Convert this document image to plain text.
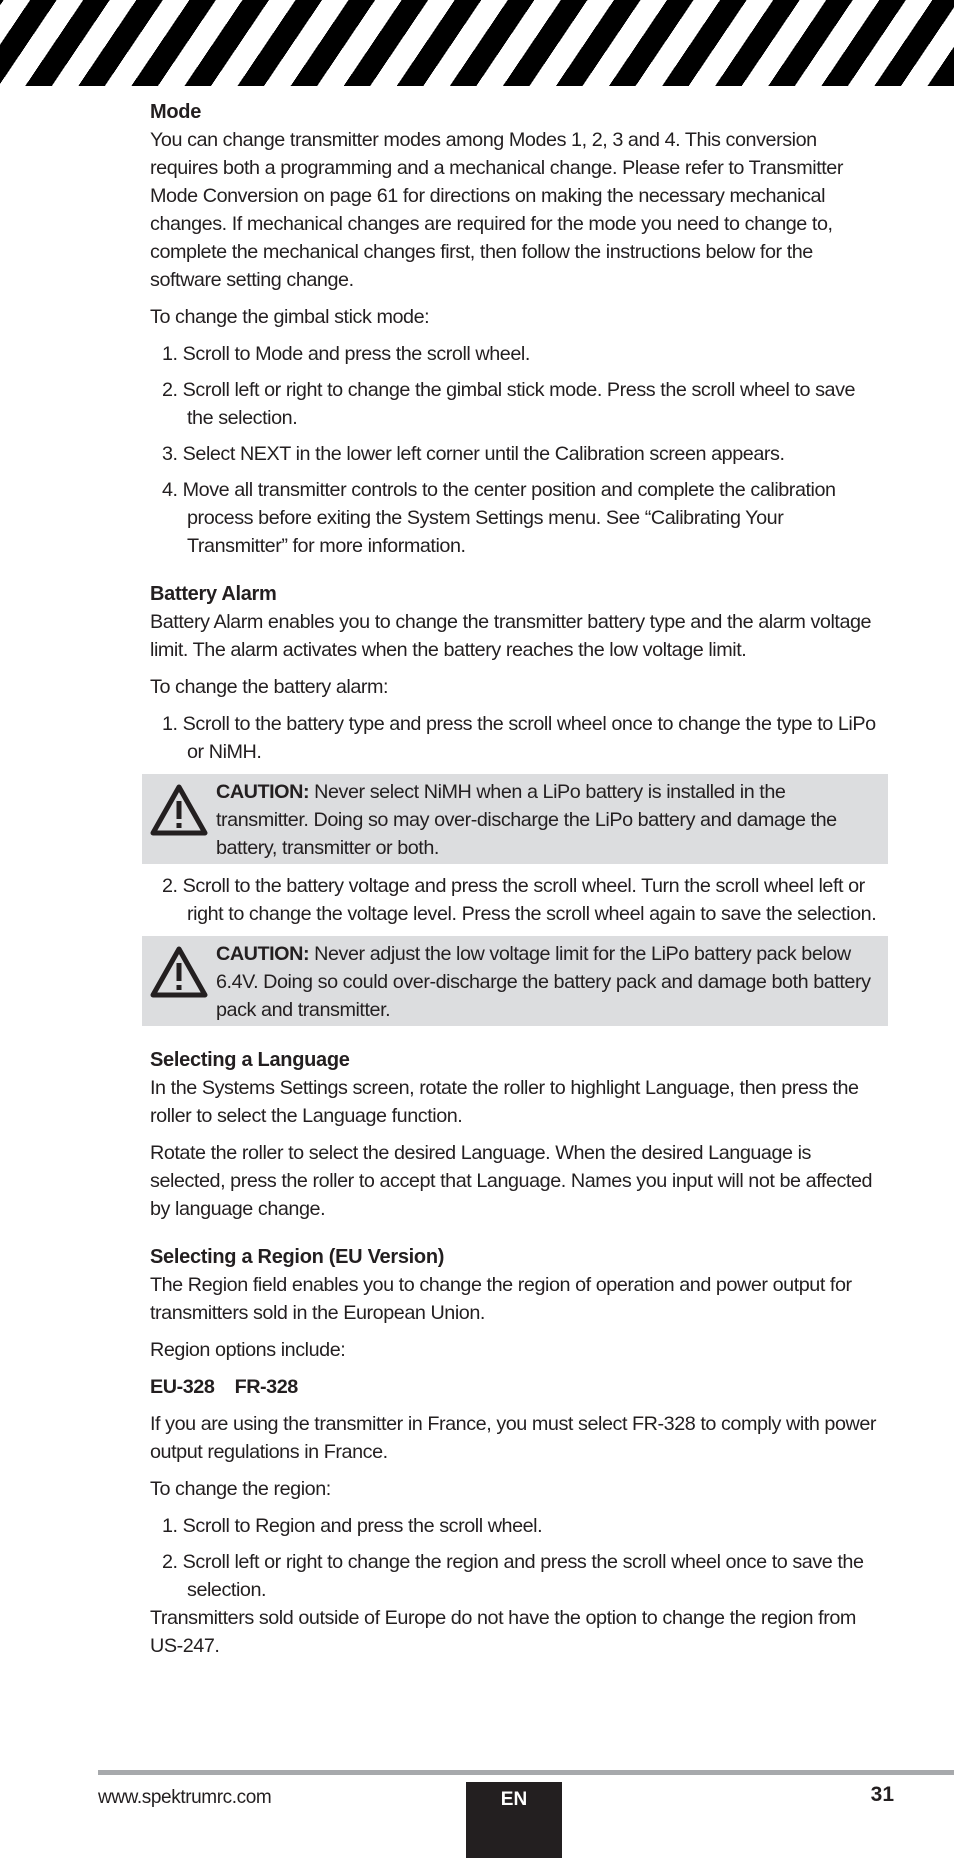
Mode

You can change transmitter modes among Modes 1, 2, 3 and 4. This conversion requires both a programming and a mechanical change. Please refer to Transmitter Mode Conversion on page 61 for directions on making the necessary mechanical changes. If mechanical changes are required for the mode you need to change to, complete the mechanical changes first, then follow the instructions below for the software setting change.

To change the gimbal stick mode:

1. Scroll to Mode and press the scroll wheel.
2. Scroll left or right to change the gimbal stick mode. Press the scroll wheel to save the selection.
3. Select NEXT in the lower left corner until the Calibration screen appears.
4. Move all transmitter controls to the center position and complete the calibration process before exiting the System Settings menu. See “Calibrating Your Transmitter” for more information.
Battery Alarm

Battery Alarm enables you to change the transmitter battery type and the alarm voltage limit. The alarm activates when the battery reaches the low voltage limit.

To change the battery alarm:

1. Scroll to the battery type and press the scroll wheel once to change the type to LiPo or NiMH.
CAUTION: Never select NiMH when a LiPo battery is installed in the transmitter. Doing so may over-discharge the LiPo battery and damage the battery, transmitter or both.
2. Scroll to the battery voltage and press the scroll wheel. Turn the scroll wheel left or right to change the voltage level. Press the scroll wheel again to save the selection.
CAUTION: Never adjust the low voltage limit for the LiPo battery pack below 6.4V. Doing so could over-discharge the battery pack and damage both battery pack and transmitter.
Selecting a Language

In the Systems Settings screen, rotate the roller to highlight Language, then press the roller to select the Language function.

Rotate the roller to select the desired Language. When the desired Language is selected, press the roller to accept that Language. Names you input will not be affected by language change.

Selecting a Region (EU Version)

The Region field enables you to change the region of operation and power output for transmitters sold in the European Union.

Region options include:

EU-328 FR-328

If you are using the transmitter in France, you must select FR-328 to comply with power output regulations in France.

To change the region:

1. Scroll to Region and press the scroll wheel.
2. Scroll left or right to change the region and press the scroll wheel once to save the selection.

Transmitters sold outside of Europe do not have the option to change the region from US-247.

www.spektrumrc.com	EN	31
